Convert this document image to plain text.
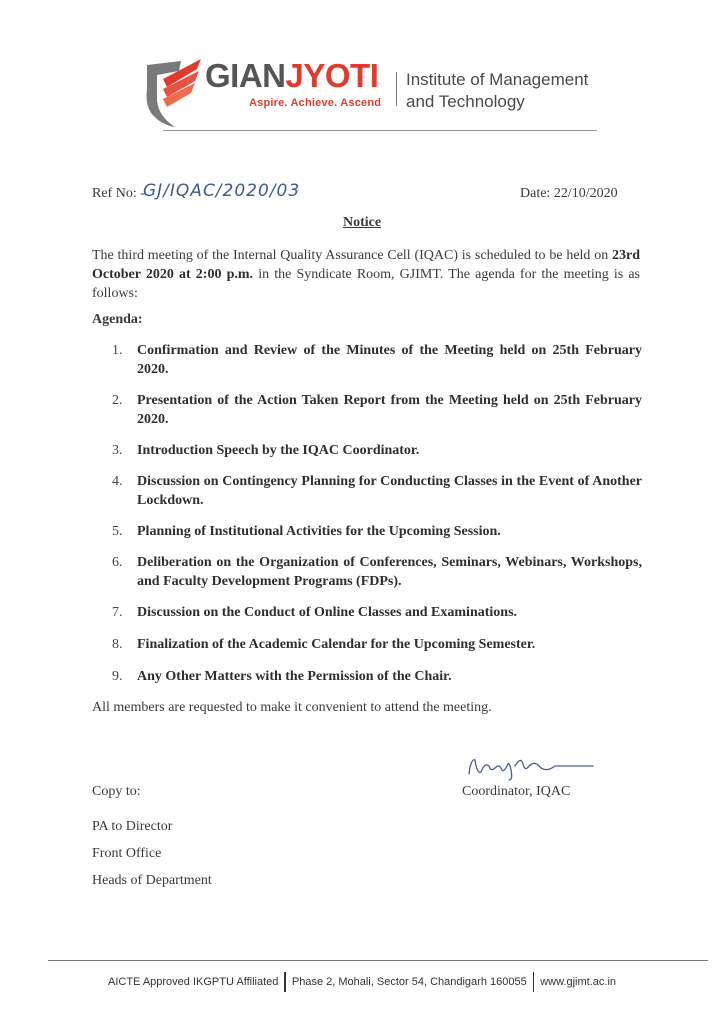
GIANJYOTI
Aspire. Achieve. Ascend
Institute of Management
and Technology
Ref No: -
GJ/IQAC/2020/03	Date: 22/10/2020
Notice
The third meeting of the Internal Quality Assurance Cell (IQAC) is scheduled to be held on 23rd October 2020 at 2:00 p.m. in the Syndicate Room, GJIMT. The agenda for the meeting is as follows:
Agenda:
1.	Confirmation and Review of the Minutes of the Meeting held on 25th February 2020.
2.	Presentation of the Action Taken Report from the Meeting held on 25th February 2020.
3.	Introduction Speech by the IQAC Coordinator.
4.	Discussion on Contingency Planning for Conducting Classes in the Event of Another Lockdown.
5.	Planning of Institutional Activities for the Upcoming Session.
6.	Deliberation on the Organization of Conferences, Seminars, Webinars, Workshops, and Faculty Development Programs (FDPs).
7.	Discussion on the Conduct of Online Classes and Examinations.
8.	Finalization of the Academic Calendar for the Upcoming Semester.
9.	Any Other Matters with the Permission of the Chair.
All members are requested to make it convenient to attend the meeting.
Copy to:	Coordinator, IQAC
PA to Director
Front Office
Heads of Department
AICTE Approved IKGPTU Affiliated Phase 2, Mohali, Sector 54, Chandigarh 160055 www.gjimt.ac.in
